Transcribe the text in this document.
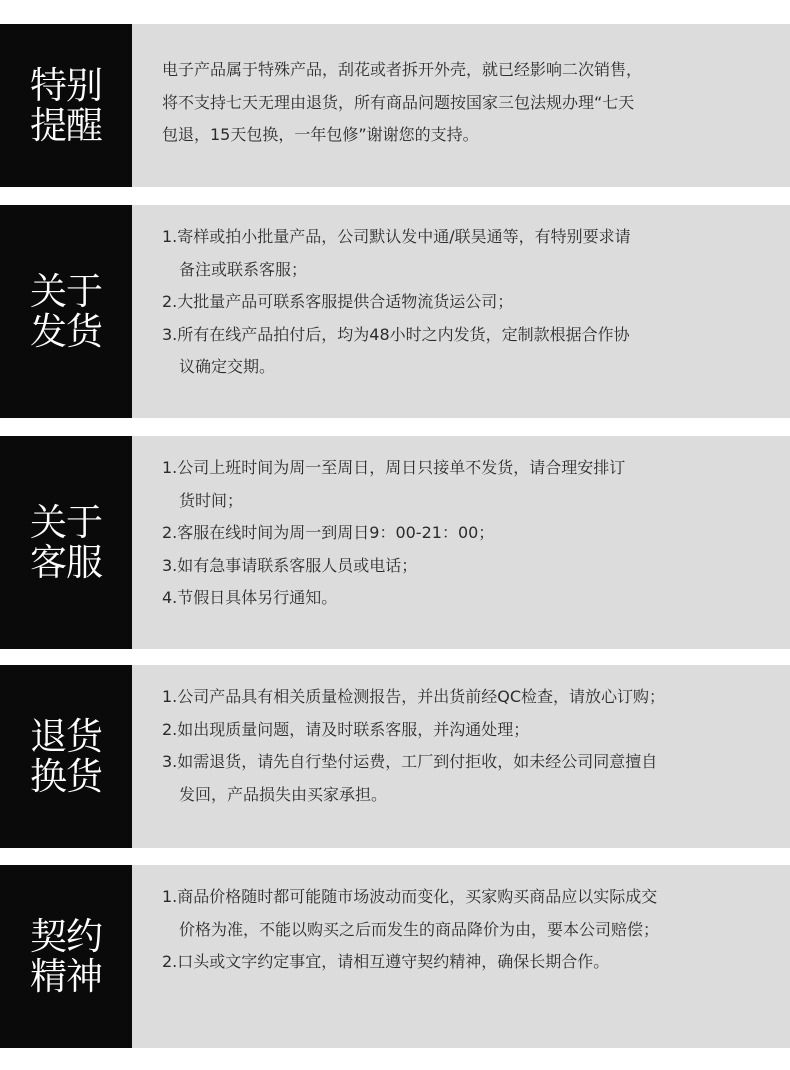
特别
提醒
电子产品属于特殊产品，刮花或者拆开外壳，就已经影响二次销售，
将不支持七天无理由退货，所有商品问题按国家三包法规办理“七天
包退，15天包换，一年包修”谢谢您的支持。
关于
发货
1.寄样或拍小批量产品，公司默认发中通/联昊通等，有特别要求请
备注或联系客服；
2.大批量产品可联系客服提供合适物流货运公司；
3.所有在线产品拍付后，均为48小时之内发货，定制款根据合作协
议确定交期。
关于
客服
1.公司上班时间为周一至周日，周日只接单不发货，请合理安排订
货时间；
2.客服在线时间为周一到周日9：00-21：00；
3.如有急事请联系客服人员或电话；
4.节假日具体另行通知。
退货
换货
1.公司产品具有相关质量检测报告，并出货前经QC检查，请放心订购；
2.如出现质量问题，请及时联系客服，并沟通处理；
3.如需退货，请先自行垫付运费，工厂到付拒收，如未经公司同意擅自
发回，产品损失由买家承担。
契约
精神
1.商品价格随时都可能随市场波动而变化，买家购买商品应以实际成交
价格为准，不能以购买之后而发生的商品降价为由，要本公司赔偿；
2.口头或文字约定事宜，请相互遵守契约精神，确保长期合作。
